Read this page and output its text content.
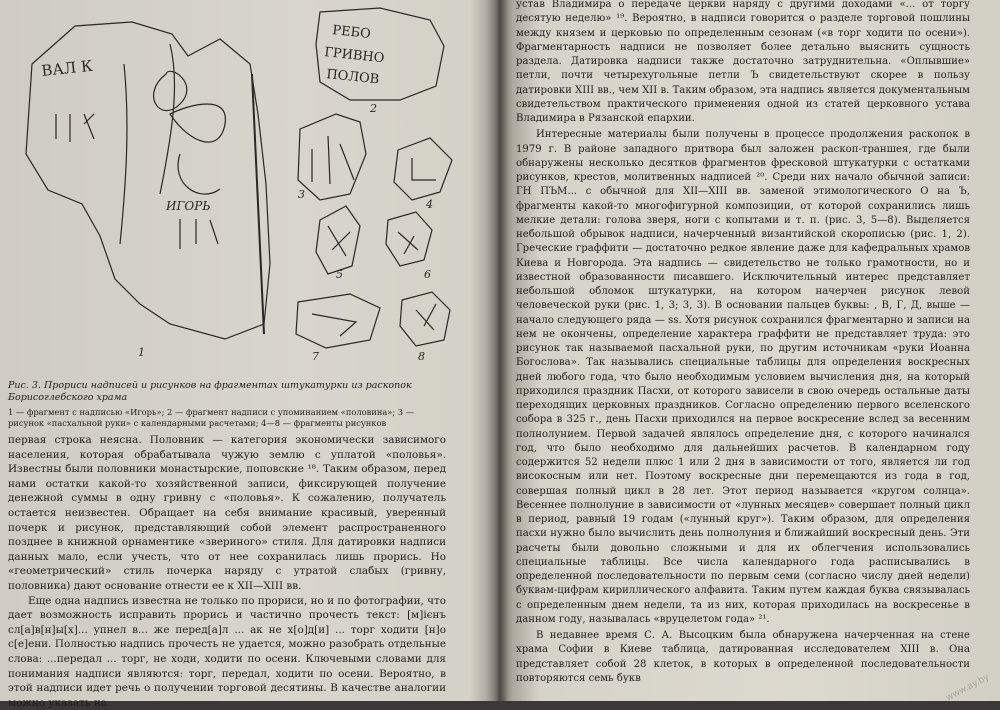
ВАЛ К
ИГОРЬ
РЕБО
ГРИВНО
ПОЛОВ
1
2
3
4
5	6
7	8
Рис. 3. Прориси надписей и рисунков на фрагментах штукатурки из раскопок Борисоглебского храма
1 — фрагмент с надписью «Игорь»; 2 — фрагмент надписи с упоминанием «половина»; 3 — рисунок «пасхальной руки» с календарными расчетами; 4—8 — фрагменты рисунков

первая строка неясна. Половник — категория экономически зависимого населения, которая обрабатывала чужую землю с уплатой «половья». Известны были половники монастырские, поповские ¹⁸. Таким образом, перед нами остатки какой-то хозяйственной записи, фиксирующей получение денежной суммы в одну гривну с «половья». К сожалению, получатель остается неизвестен. Обращает на себя внимание красивый, уверенный почерк и рисунок, представляющий собой элемент распространенного позднее в книжной орнаментике «звериного» стиля. Для датировки надписи данных мало, если учесть, что от нее сохранилась лишь прорись. Но «геометрический» стиль почерка наряду с утратой слабых (гривну, половника) дают основание отнести ее к XII—XIII вв.

Еще одна надпись известна не только по прориси, но и по фотографии, что дает возможность исправить прорись и частично прочесть текст: [м]ієнъ сл[а]в[н]ы[х]... упнел в... же перед[а]л ... ак не х[о]д[и] ... торг ходити [н]о с[е]ени. Полностью надпись прочесть не удается, можно разобрать отдельные слова: ...передал ... торг, не ходи, ходити по осени. Ключевыми словами для понимания надписи являются: торг, передал, ходити по осени. Вероятно, в этой надписи идет речь о получении торговой десятины. В качестве аналогии можно указать на

устав Владимира о передаче церкви наряду с другими доходами «... от торгу десятую неделю» ¹⁹. Вероятно, в надписи говорится о разделе торговой пошлины между князем и церковью по определенным сезонам («в торг ходити по осени»). Фрагментарность надписи не позволяет более детально выяснить сущность раздела. Датировка надписи также достаточно затруднительна. «Оплывшие» петли, почти четырехугольные петли Ъ свидетельствуют скорее в пользу датировки XIII вв., чем XII в. Таким образом, эта надпись является документальным свидетельством практического применения одной из статей церковного устава Владимира в Рязанской епархии.

Интересные материалы были получены в процессе продолжения раскопок в 1979 г. В районе западного притвора был заложен раскоп-траншея, где были обнаружены несколько десятков фрагментов фресковой штукатурки с остатками рисунков, крестов, молитвенных надписей ²⁰. Среди них начало обычной записи: ГН ПЪМ... с обычной для XII—XIII вв. заменой этимологического О на Ъ, фрагменты какой-то многофигурной композиции, от которой сохранились лишь мелкие детали: голова зверя, ноги с копытами и т. п. (рис. 3, 5—8). Выделяется небольшой обрывок надписи, начерченный византийской скорописью (рис. 1, 2). Греческие граффити — достаточно редкое явление даже для кафедральных храмов Киева и Новгорода. Эта надпись — свидетельство не только грамотности, но и известной образованности писавшего. Исключительный интерес представляет небольшой обломок штукатурки, на котором начерчен рисунок левой человеческой руки (рис. 1, 3; 3, 3). В основании пальцев буквы: , В, Г, Д, выше — начало следующего ряда — ѕѕ. Хотя рисунок сохранился фрагментарно и записи на нем не окончены, определение характера граффити не представляет труда: это рисунок так называемой пасхальной руки, по другим источникам «руки Иоанна Богослова». Так назывались специальные таблицы для определения воскресных дней любого года, что было необходимым условием вычисления дня, на который приходился праздник Пасхи, от которого зависели в свою очередь остальные даты переходящих церковных праздников. Согласно определению первого вселенского собора в 325 г., день Пасхи приходился на первое воскресение вслед за весенним полнолунием. Первой задачей являлось определение дня, с которого начинался год, что было необходимо для дальнейших расчетов. В календарном году содержится 52 недели плюс 1 или 2 дня в зависимости от того, является ли год високосным или нет. Поэтому воскресные дни перемещаются из года в год, совершая полный цикл в 28 лет. Этот период называется «кругом солнца». Весеннее полнолуние в зависимости от «лунных месяцев» совершает полный цикл в период, равный 19 годам («лунный круг»). Таким образом, для определения пасхи нужно было вычислить день полнолуния и ближайший воскресный день. Эти расчеты были довольно сложными и для их облегчения использовались специальные таблицы. Все числа календарного года расписывались в определенной последовательности по первым семи (согласно числу дней недели) буквам-цифрам кириллического алфавита. Таким путем каждая буква связывалась с определенным днем недели, та из них, которая приходилась на воскресенье в данном году, называлась «вруцелетом года» ²¹.

В недавнее время С. А. Высоцким была обнаружена начерченная на стене храма Софии в Киеве таблица, датированная исследователем XIII в. Она представляет собой 28 клеток, в которых в определенной последовательности повторяются семь букв	www.ay.by
